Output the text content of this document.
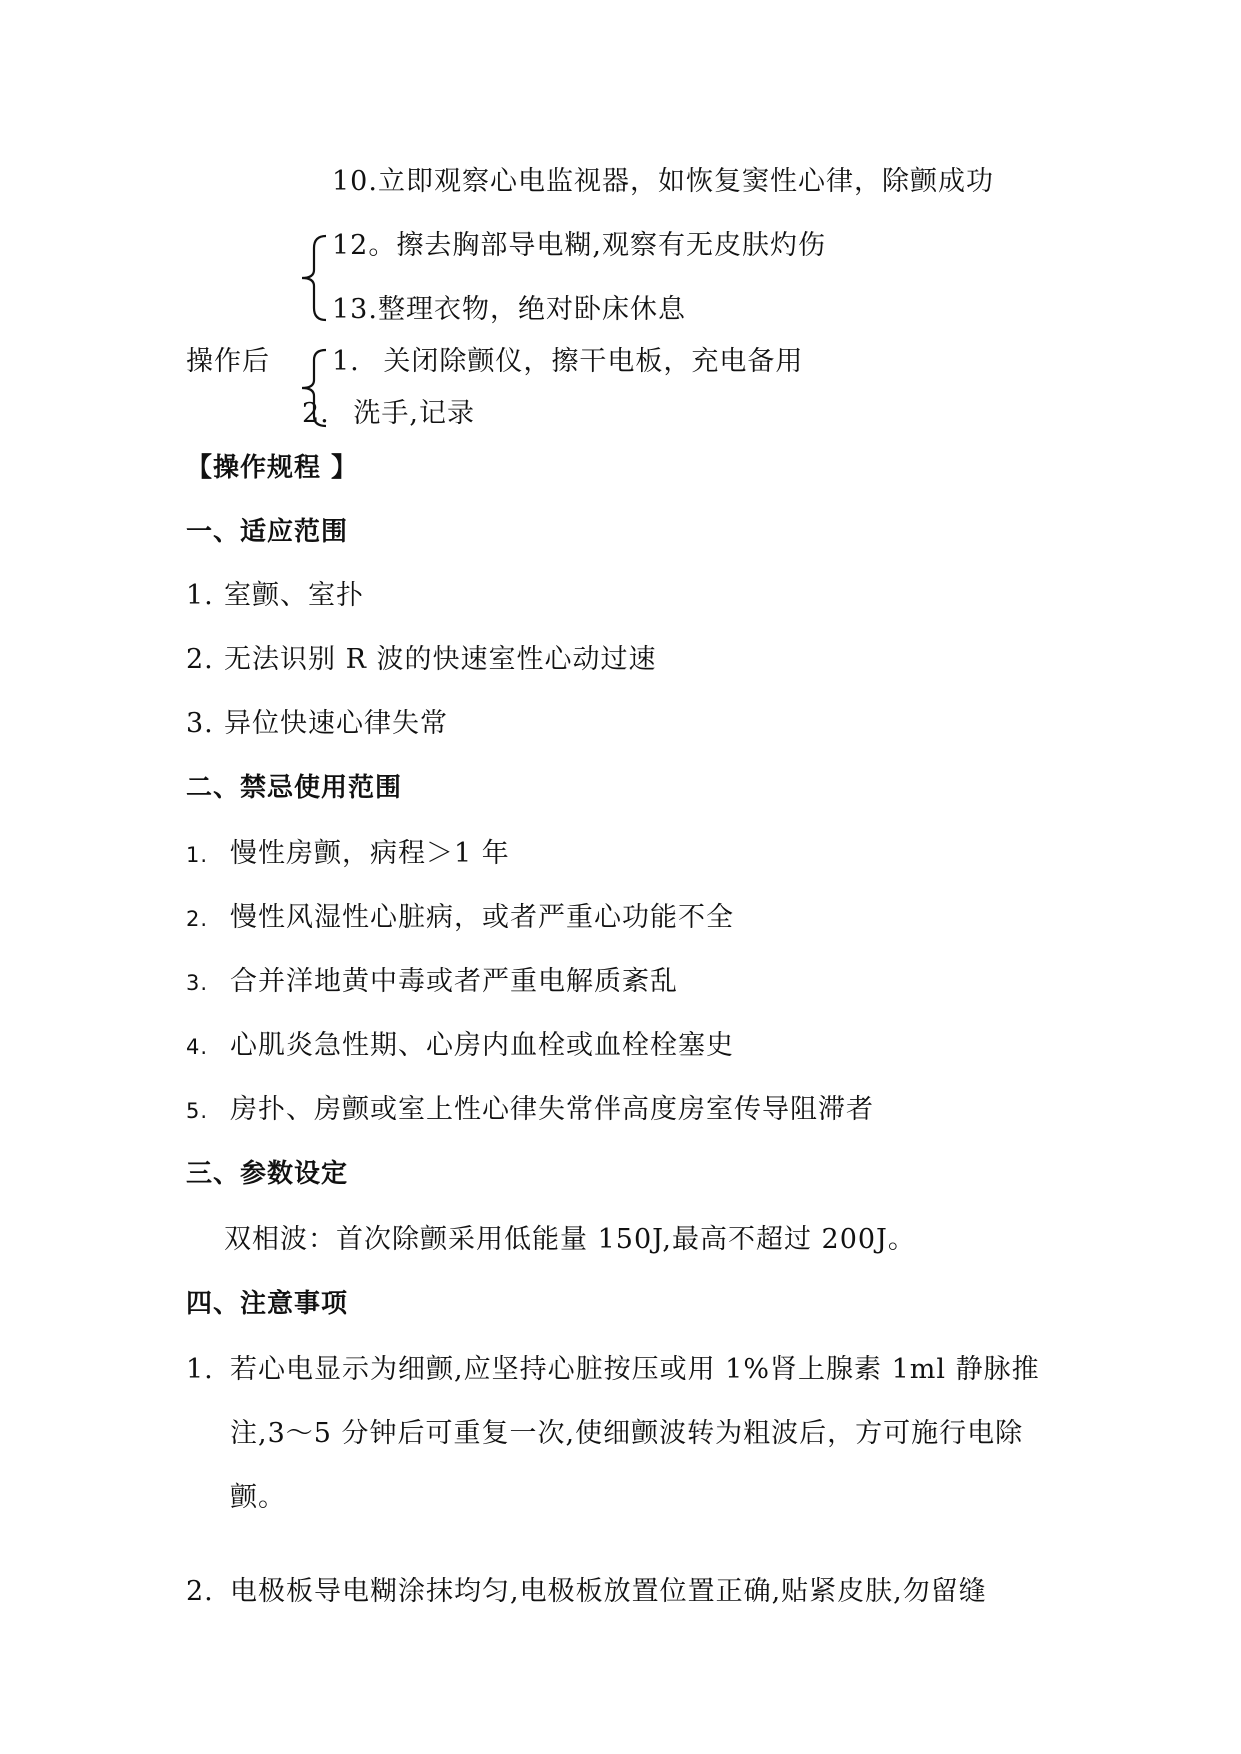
10.立即观察心电监视器，如恢复窦性心律，除颤成功
12。擦去胸部导电糊,观察有无皮肤灼伤
13.整理衣物，绝对卧床休息
操作后 1. 关闭除颤仪，擦干电板，充电备用
2. 洗手,记录
【操作规程 】
一、适应范围
1. 室颤、室扑
2. 无法识别 R 波的快速室性心动过速
3. 异位快速心律失常
二、禁忌使用范围
1. 慢性房颤，病程＞1 年
2. 慢性风湿性心脏病，或者严重心功能不全
3. 合并洋地黄中毒或者严重电解质紊乱
4. 心肌炎急性期、心房内血栓或血栓栓塞史
5. 房扑、房颤或室上性心律失常伴高度房室传导阻滞者
三、参数设定
双相波：首次除颤采用低能量 150J,最高不超过 200J。
四、注意事项
1. 若心电显示为细颤,应坚持心脏按压或用 1%肾上腺素 1ml 静脉推
注,3～5 分钟后可重复一次,使细颤波转为粗波后，方可施行电除
颤。
2. 电极板导电糊涂抹均匀,电极板放置位置正确,贴紧皮肤,勿留缝
